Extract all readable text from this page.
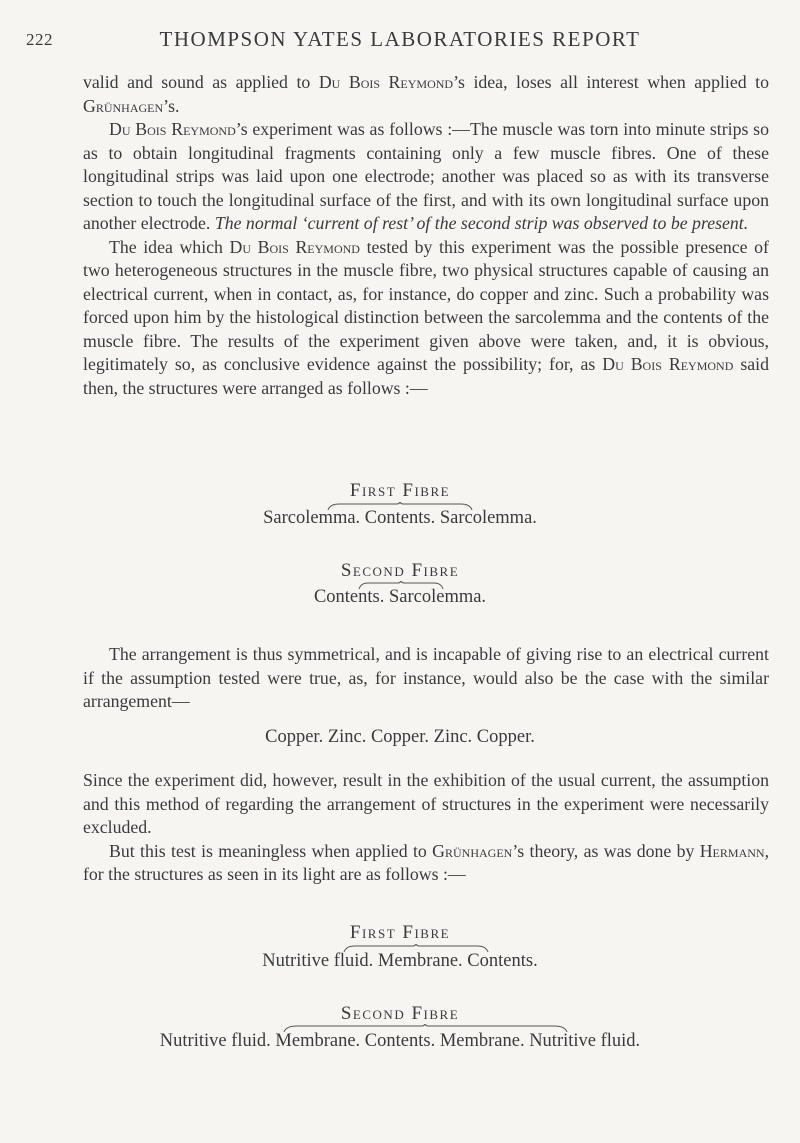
222	THOMPSON YATES LABORATORIES REPORT

valid and sound as applied to Du Bois Reymond’s idea, loses all interest when applied to Grünhagen’s.

Du Bois Reymond’s experiment was as follows :—The muscle was torn into minute strips so as to obtain longitudinal fragments containing only a few muscle fibres. One of these longitudinal strips was laid upon one electrode; another was placed so as with its transverse section to touch the longitudinal surface of the first, and with its own longitudinal surface upon another electrode. The normal ‘current of rest’ of the second strip was observed to be present.

The idea which Du Bois Reymond tested by this experiment was the possible presence of two heterogeneous structures in the muscle fibre, two physical structures capable of causing an electrical current, when in contact, as, for instance, do copper and zinc. Such a probability was forced upon him by the histological distinction between the sarcolemma and the contents of the muscle fibre. The results of the experiment given above were taken, and, it is obvious, legitimately so, as conclusive evidence against the possibility; for, as Du Bois Reymond said then, the structures were arranged as follows :—

First Fibre
Sarcolemma. Contents. Sarcolemma.
Second Fibre
Contents. Sarcolemma.

The arrangement is thus symmetrical, and is incapable of giving rise to an electrical current if the assumption tested were true, as, for instance, would also be the case with the similar arrangement—

Copper. Zinc. Copper. Zinc. Copper.

Since the experiment did, however, result in the exhibition of the usual current, the assumption and this method of regarding the arrangement of structures in the experiment were necessarily excluded.

But this test is meaningless when applied to Grünhagen’s theory, as was done by Hermann, for the structures as seen in its light are as follows :—

First Fibre
Nutritive fluid. Membrane. Contents.
Second Fibre
Nutritive fluid. Membrane. Contents. Membrane. Nutritive fluid.
